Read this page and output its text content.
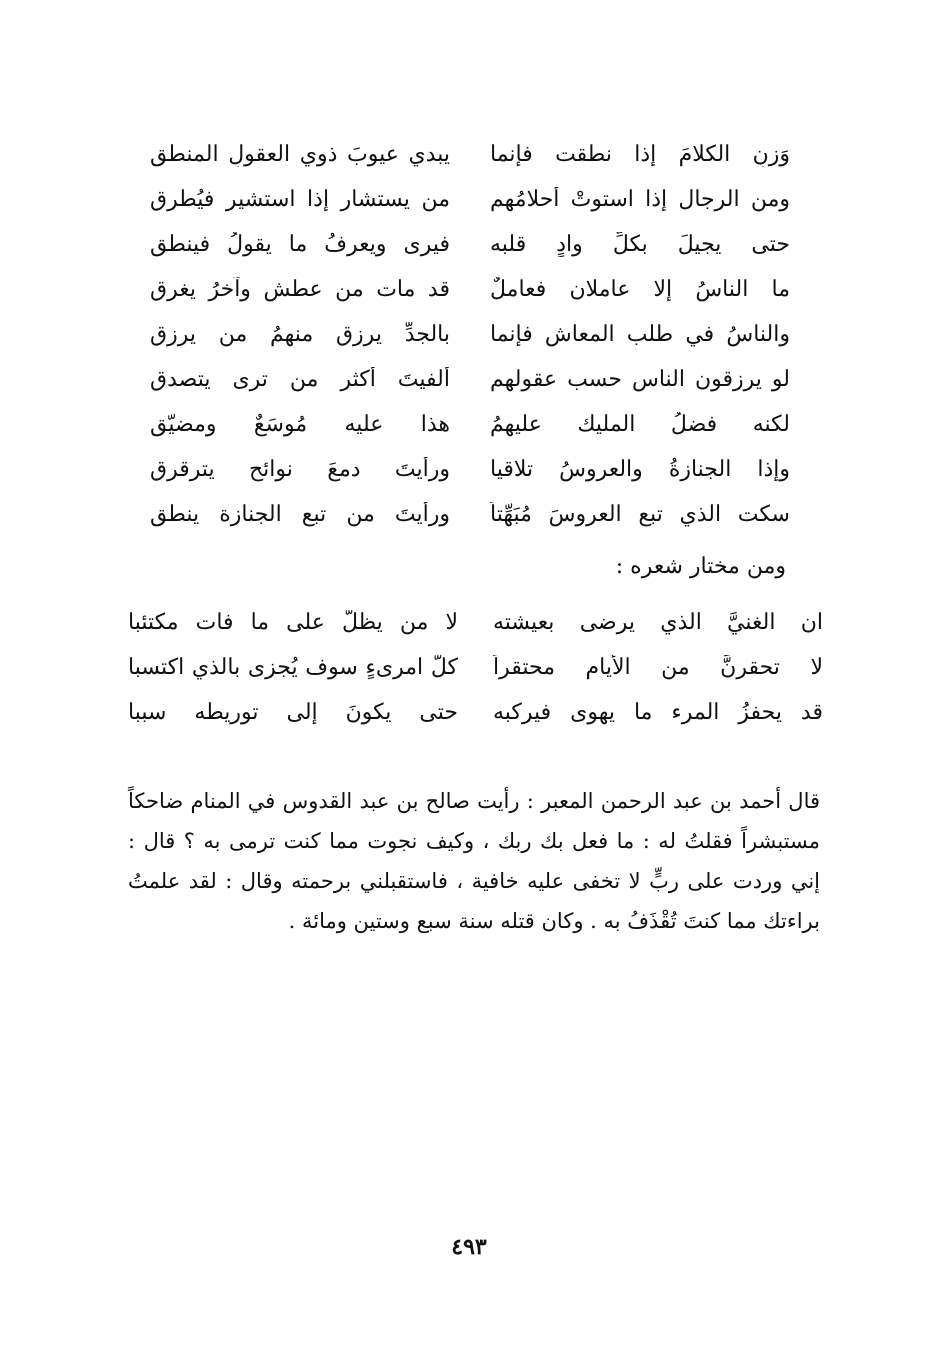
وَزنِ الكلامَ إذا نطقت فإنما
يبدي عيوبَ ذوي العقولِ المنطق
ومن الرجال إذا استوتْ أحلامُهم
من يستشار إذا استشير فيُطرق
حتى يجيلَ بكلِّ وادٍ قلبه
فيرى ويعرفُ ما يقولُ فينطق
ما الناسُ إلا عاملان فعاملٌ
قد مات من عطشٍ وآخرُ يغرق
والناسُ في طلب المعاش فإنما
بالجدِّ يرزق منهمُ من يرزق
لو يرزقون الناس حسب عقولهم
ألفيتَ أكثر من ترى يتصدق
لكنه فضلُ المليك عليهمُ
هذا عليه مُوسَعٌ ومضيّق
وإذا الجنازةُ والعروسُ تلاقيا
ورأيتَ دمعَ نوائحٍ يترقرق
سكت الذي تبع العروسَ مُبَهِّتاً
ورأيتَ من تبع الجنازة ينطق
ومن مختار شعره :
ان الغنيَّ الذي يرضى بعيشته
لا من يظلُّ على ما فات مكتئبا
لا تحقرنَّ من الأيام محتقراً
كلُّ امرىءٍ سوف يُجزى بالذي اكتسبا
قد يحفزُ المرء ما يهوى فيركبه
حتى يكونَ إلى توريطه سببا

قال أحمد بن عبد الرحمن المعبر : رأيت صالح بن عبد القدوس في المنام ضاحكاً مستبشراً فقلتُ له : ما فعل بك ربك ، وكيف نجوت مما كنت ترمى به ؟ قال : إني وردت على ربٍّ لا تخفى عليه خافية ، فاستقبلني برحمته وقال : لقد علمتُ براءتك مما كنتَ تُقْذَفُ به . وكان قتله سنة سبع وستين ومائة .

٤٩٣
